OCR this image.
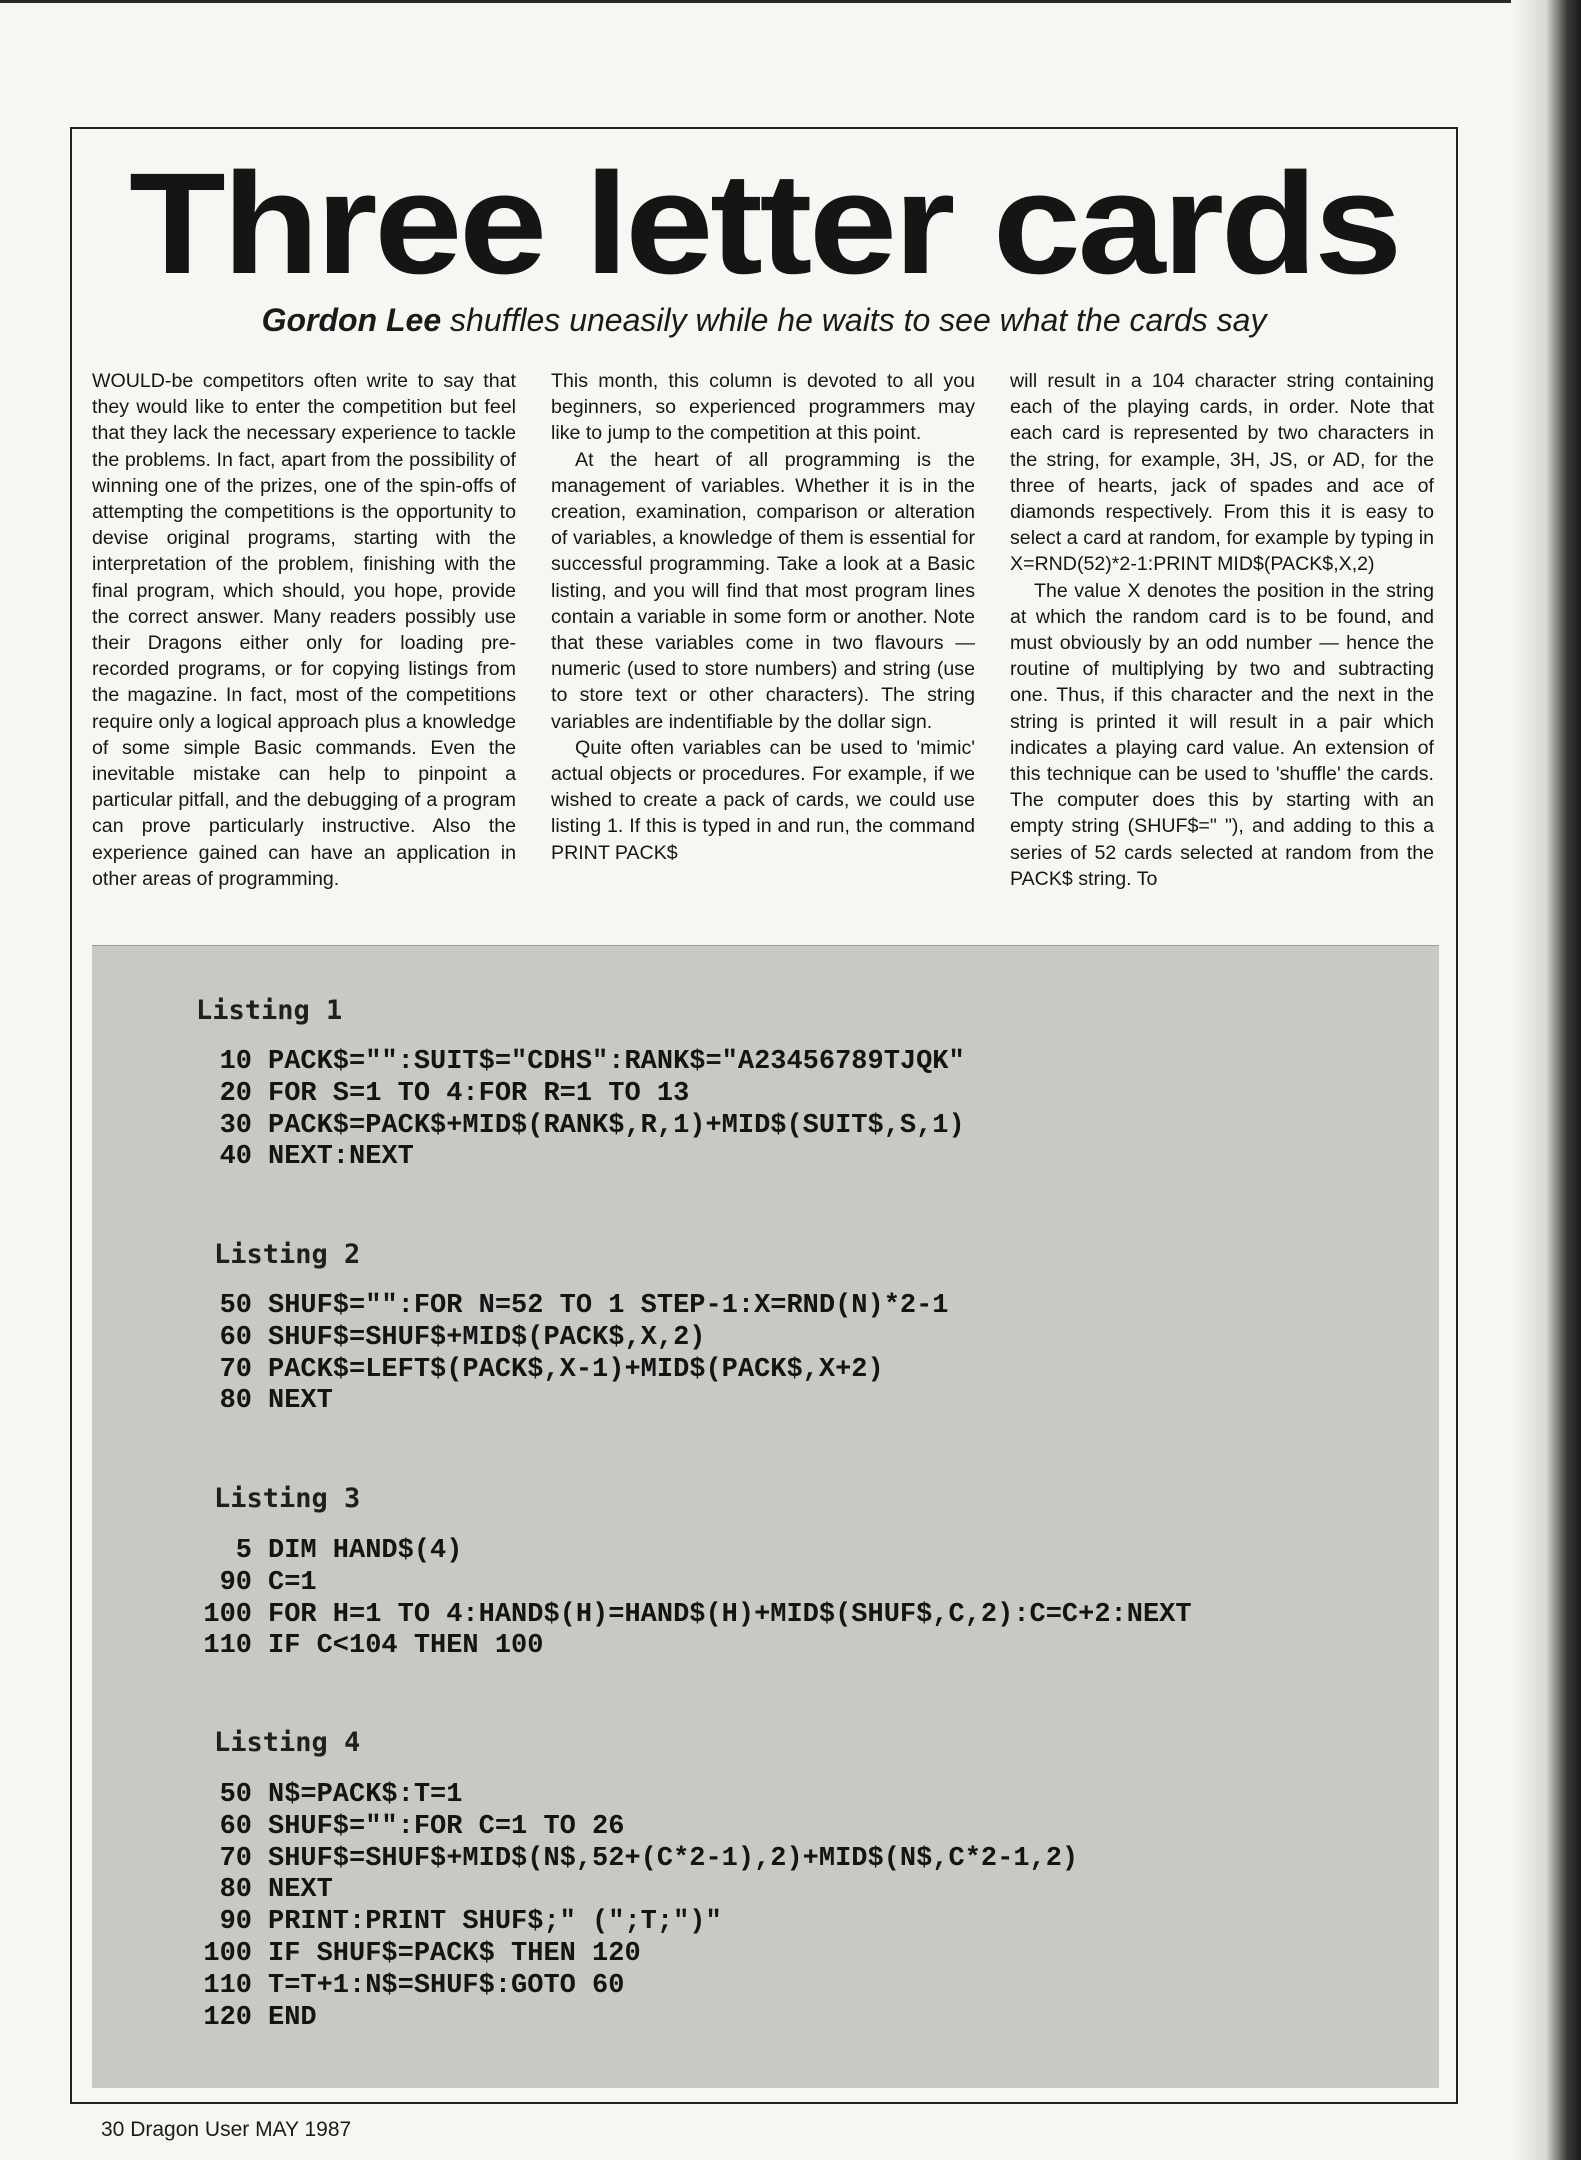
Three letter cards
Gordon Lee shuffles uneasily while he waits to see what the cards say

WOULD-be competitors often write to say that they would like to enter the competition but feel that they lack the necessary experience to tackle the problems. In fact, apart from the possibility of winning one of the prizes, one of the spin-offs of attempting the competitions is the opportunity to devise original programs, starting with the interpretation of the problem, finishing with the final program, which should, you hope, provide the correct answer. Many readers possibly use their Dragons either only for loading pre-recorded programs, or for copying listings from the magazine. In fact, most of the competitions require only a logical approach plus a knowledge of some simple Basic commands. Even the inevitable mistake can help to pinpoint a particular pitfall, and the debugging of a program can prove particularly instructive. Also the experience gained can have an application in other areas of programming.

This month, this column is devoted to all you beginners, so experienced programmers may like to jump to the competition at this point.

At the heart of all programming is the management of variables. Whether it is in the creation, examination, comparison or alteration of variables, a knowledge of them is essential for successful programming. Take a look at a Basic listing, and you will find that most program lines contain a variable in some form or another. Note that these variables come in two flavours — numeric (used to store numbers) and string (use to store text or other characters). The string variables are indentifiable by the dollar sign.

Quite often variables can be used to 'mimic' actual objects or procedures. For example, if we wished to create a pack of cards, we could use listing 1. If this is typed in and run, the command PRINT PACK$

will result in a 104 character string containing each of the playing cards, in order. Note that each card is represented by two characters in the string, for example, 3H, JS, or AD, for the three of hearts, jack of spades and ace of diamonds respectively. From this it is easy to select a card at random, for example by typing in X=RND(52)*2-1:PRINT MID$(PACK$,X,2)

The value X denotes the position in the string at which the random card is to be found, and must obviously by an odd number — hence the routine of multiplying by two and subtracting one. Thus, if this character and the next in the string is printed it will result in a pair which indicates a playing card value. An extension of this technique can be used to 'shuffle' the cards. The computer does this by starting with an empty string (SHUF$=" "), and adding to this a series of 52 cards selected at random from the PACK$ string. To

Listing 1
10 PACK$="":SUIT$="CDHS":RANK$="A23456789TJQK"
20 FOR S=1 TO 4:FOR R=1 TO 13
30 PACK$=PACK$+MID$(RANK$,R,1)+MID$(SUIT$,S,1)
40 NEXT:NEXT
Listing 2
50 SHUF$="":FOR N=52 TO 1 STEP-1:X=RND(N)*2-1
60 SHUF$=SHUF$+MID$(PACK$,X,2)
70 PACK$=LEFT$(PACK$,X-1)+MID$(PACK$,X+2)
80 NEXT
Listing 3
5 DIM HAND$(4)
90 C=1
100 FOR H=1 TO 4:HAND$(H)=HAND$(H)+MID$(SHUF$,C,2):C=C+2:NEXT
110 IF C<104 THEN 100
Listing 4
50 N$=PACK$:T=1
60 SHUF$="":FOR C=1 TO 26
70 SHUF$=SHUF$+MID$(N$,52+(C*2-1),2)+MID$(N$,C*2-1,2)
80 NEXT
90 PRINT:PRINT SHUF$;" (";T;")"
100 IF SHUF$=PACK$ THEN 120
110 T=T+1:N$=SHUF$:GOTO 60
120 END
30 Dragon User MAY 1987
